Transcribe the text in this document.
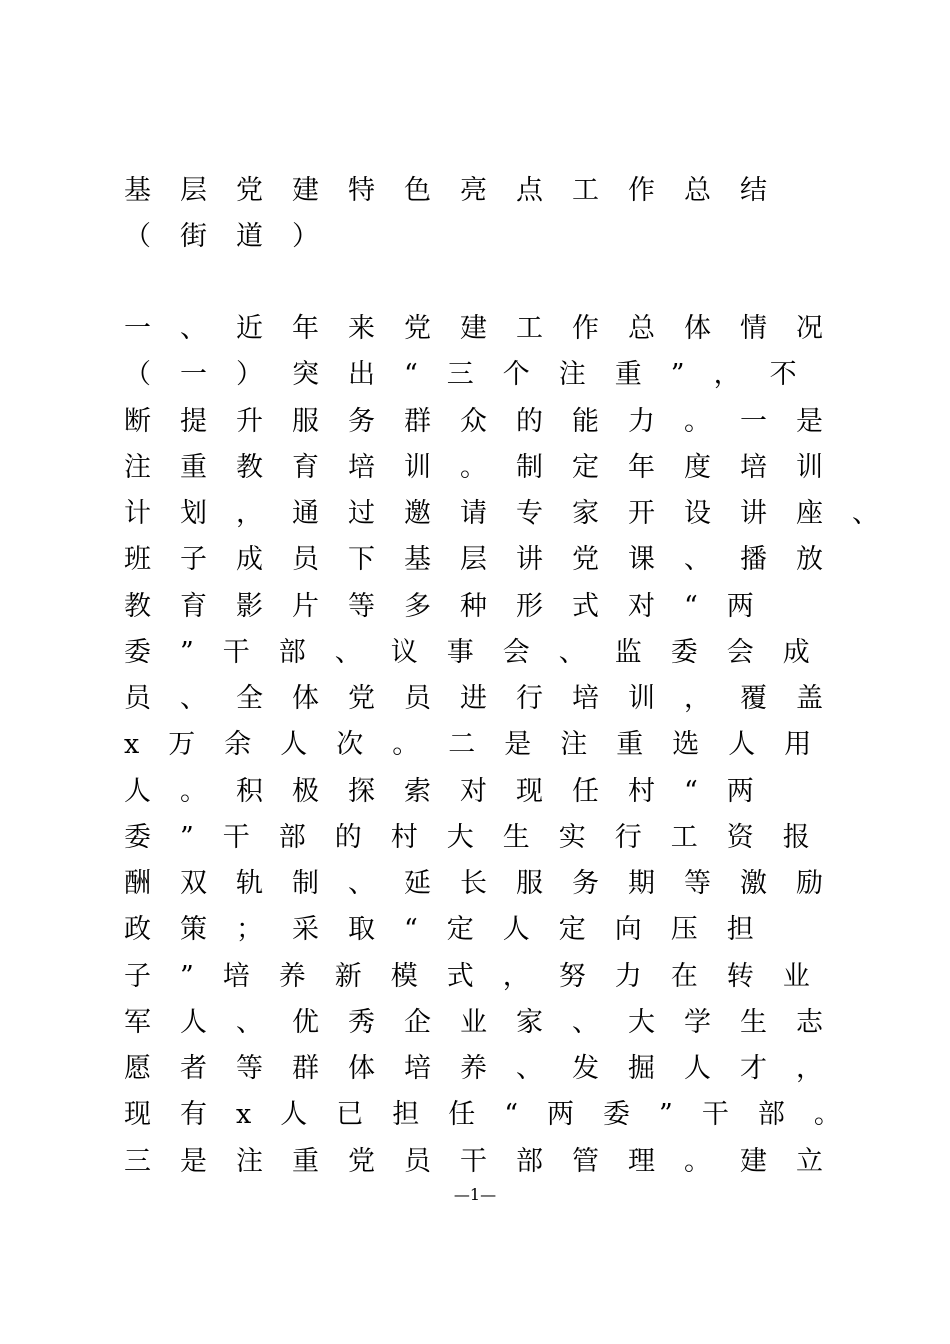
基层党建特色亮点工作总结
（街道）
一、近年来党建工作总体情况
（一）突出“三个注重”，不
断提升服务群众的能力。一是
注重教育培训。制定年度培训
计划，通过邀请专家开设讲座、
班子成员下基层讲党课、播放
教育影片等多种形式对“两
委”干部、议事会、监委会成
员、全体党员进行培训，覆盖
x万余人次。二是注重选人用
人。积极探索对现任村“两
委”干部的村大生实行工资报
酬双轨制、延长服务期等激励
政策；采取“定人定向压担
子”培养新模式，努力在转业
军人、优秀企业家、大学生志
愿者等群体培养、发掘人才，
现有x人已担任“两委”干部。
三是注重党员干部管理。建立
—1—
